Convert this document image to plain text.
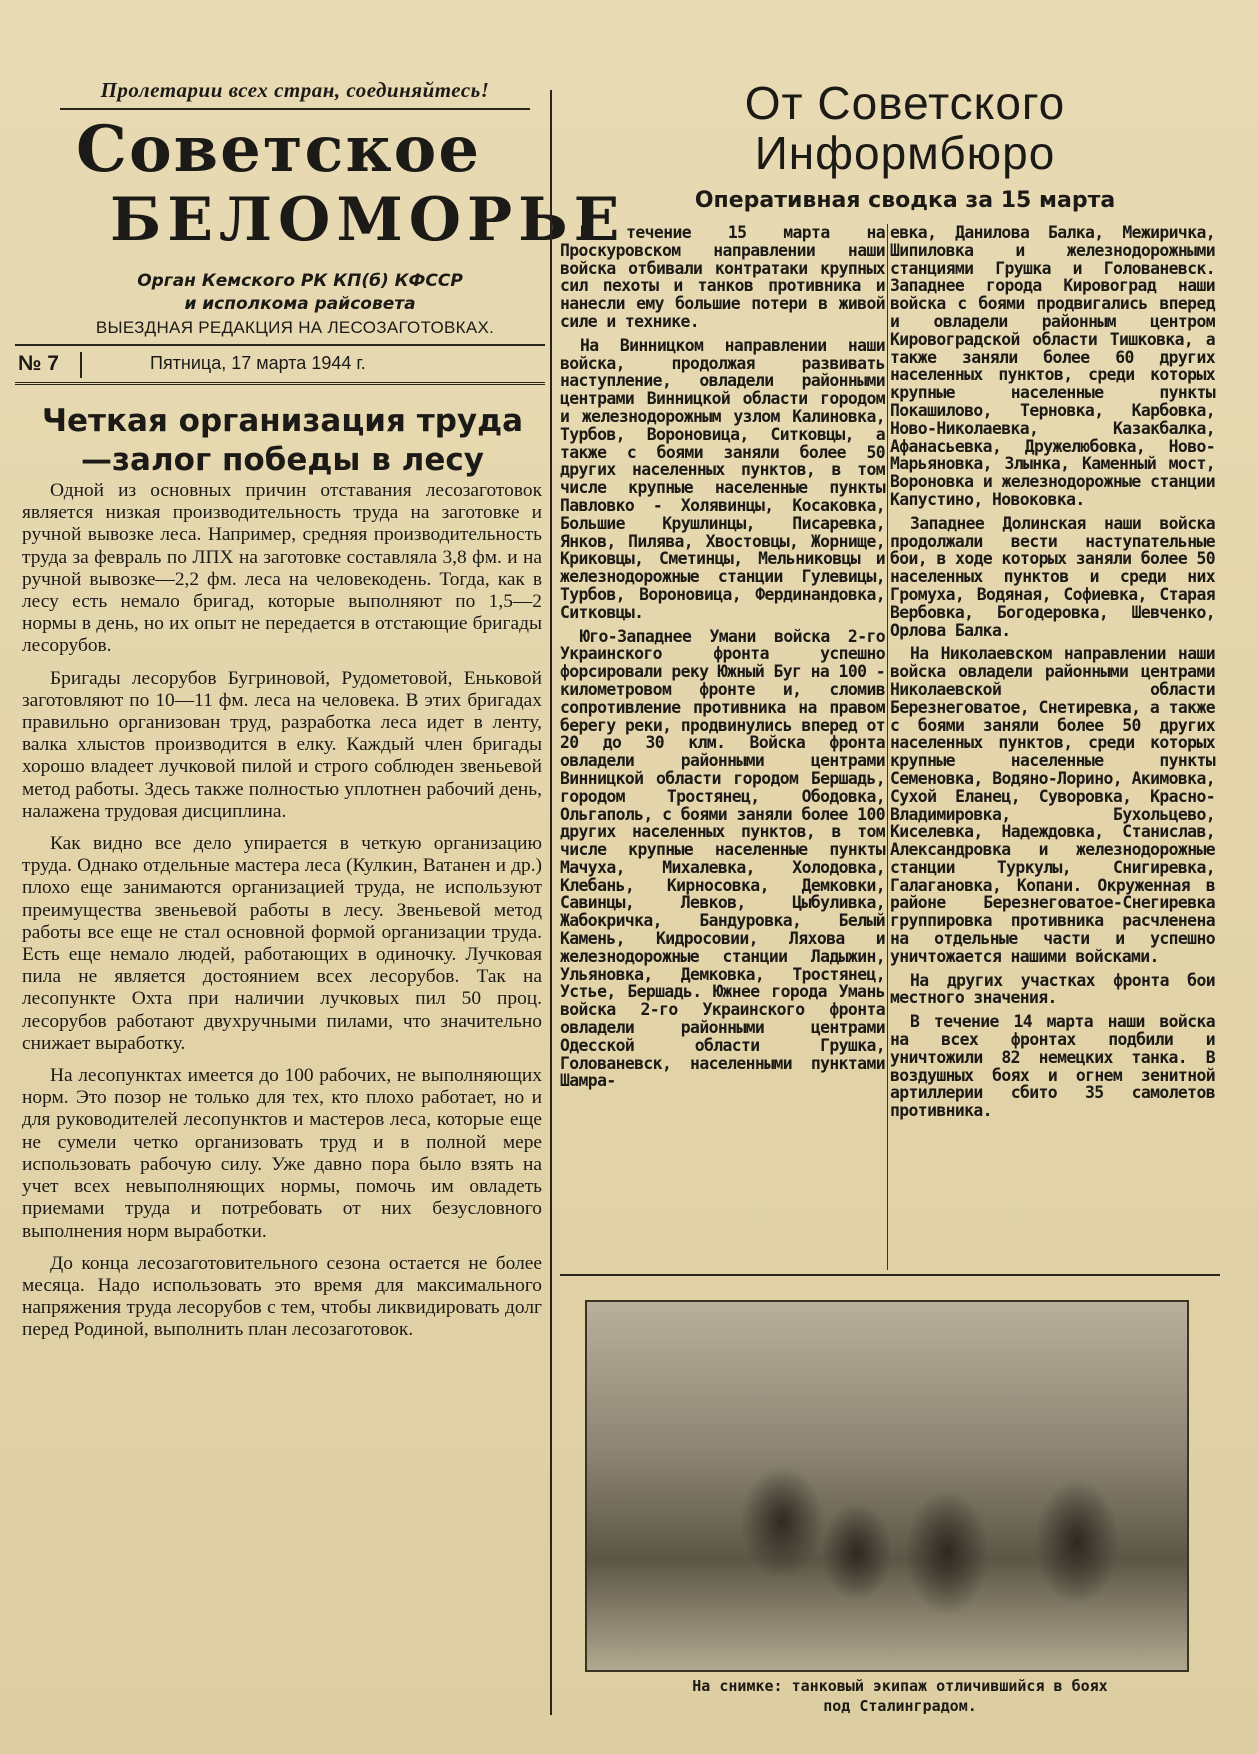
Пролетарии всех стран, соединяйтесь!
Советское
БЕЛОМОРЬЕ
Орган Кемского РК КП(б) КФССР
и исполкома райсовета
ВЫЕЗДНАЯ РЕДАКЦИЯ НА ЛЕСОЗАГОТОВКАХ.
№ 7	Пятница, 17 марта 1944 г.
Четкая организация труда
—залог победы в лесу

Одной из основных причин отставания лесозаготовок является низкая производительность труда на заготовке и ручной вывозке леса. Например, средняя производительность труда за февраль по ЛПХ на заготовке составляла 3,8 фм. и на ручной вывозке—2,2 фм. леса на человекодень. Тогда, как в лесу есть немало бригад, которые выполняют по 1,5—2 нормы в день, но их опыт не передается в отстающие бригады лесорубов.

Бригады лесорубов Бугриновой, Рудометовой, Еньковой заготовляют по 10—11 фм. леса на человека. В этих бригадах правильно организован труд, разработка леса идет в ленту, валка хлыстов производится в елку. Каждый член бригады хорошо владеет лучковой пилой и строго соблюден звеньевой метод работы. Здесь также полностью уплотнен рабочий день, налажена трудовая дисциплина.

Как видно все дело упирается в четкую организацию труда. Однако отдельные мастера леса (Кулкин, Ватанен и др.) плохо еще занимаются организацией труда, не используют преимущества звеньевой работы в лесу. Звеньевой метод работы все еще не стал основной формой организации труда. Есть еще немало людей, работающих в одиночку. Лучковая пила не является достоянием всех лесорубов. Так на лесопункте Охта при наличии лучковых пил 50 проц. лесорубов работают двухручными пилами, что значительно снижает выработку.

На лесопунктах имеется до 100 рабочих, не выполняющих норм. Это позор не только для тех, кто плохо работает, но и для руководителей лесопунктов и мастеров леса, которые еще не сумели четко организовать труд и в полной мере использовать рабочую силу. Уже давно пора было взять на учет всех невыполняющих нормы, помочь им овладеть приемами труда и потребовать от них безусловного выполнения норм выработки.

До конца лесозаготовительного сезона остается не более месяца. Надо использовать это время для максимального напряжения труда лесорубов с тем, чтобы ликвидировать долг перед Родиной, выполнить план лесозаготовок.

От Советского
Информбюро
Оперативная сводка за 15 марта

В течение 15 марта на Проскуровском направлении наши войска отбивали контратаки крупных сил пехоты и танков противника и нанесли ему большие потери в живой силе и технике.

На Винницком направлении наши войска, продолжая развивать наступление, овладели районными центрами Винницкой области городом и железнодорожным узлом Калиновка, Турбов, Вороновица, Ситковцы, а также с боями заняли более 50 других населенных пунктов, в том числе крупные населенные пункты Павловко - Холявинцы, Косаковка, Большие Крушлинцы, Писаревка, Янков, Пилява, Хвостовцы, Жорнище, Криковцы, Сметинцы, Мельниковцы и железнодорожные станции Гулевицы, Турбов, Вороновица, Фердинандовка, Ситковцы.

Юго-Западнее Умани войска 2-го Украинского фронта успешно форсировали реку Южный Буг на 100 - километровом фронте и, сломив сопротивление противника на правом берегу реки, продвинулись вперед от 20 до 30 клм. Войска фронта овладели районными центрами Винницкой области городом Бершадь, городом Тростянец, Ободовка, Ольгаполь, с боями заняли более 100 других населенных пунктов, в том числе крупные населенные пункты Мачуха, Михалевка, Холодовка, Клебань, Кирносовка, Демковки, Савинцы, Левков, Цыбуливка, Жабокричка, Бандуровка, Белый Камень, Кидросовии, Ляхова и железнодорожные станции Ладыжин, Ульяновка, Демковка, Тростянец, Устье, Бершадь. Южнее города Умань войска 2-го Украинского фронта овладели районными центрами Одесской области Грушка, Голованевск, населенными пунктами Шамра-

евка, Данилова Балка, Межиричка, Шипиловка и железнодорожными станциями Грушка и Голованевск. Западнее города Кировоград наши войска с боями продвигались вперед и овладели районным центром Кировоградской области Тишковка, а также заняли более 60 других населенных пунктов, среди которых крупные населенные пункты Покашилово, Терновка, Карбовка, Ново-Николаевка, Казакбалка, Афанасьевка, Дружелюбовка, Ново-Марьяновка, Злынка, Каменный мост, Вороновка и железнодорожные станции Капустино, Новоковка.

Западнее Долинская наши войска продолжали вести наступательные бои, в ходе которых заняли более 50 населенных пунктов и среди них Громуха, Водяная, Софиевка, Старая Вербовка, Богодеровка, Шевченко, Орлова Балка.

На Николаевском направлении наши войска овладели районными центрами Николаевской области Березнеговатое, Снетиревка, а также с боями заняли более 50 других населенных пунктов, среди которых крупные населенные пункты Семеновка, Водяно-Лорино, Акимовка, Сухой Еланец, Суворовка, Красно-Владимировка, Бухольцево, Киселевка, Надеждовка, Станислав, Александровка и железнодорожные станции Туркулы, Снигиревка, Галагановка, Копани. Окруженная в районе Березнеговатое-Снегиревка группировка противника расчленена на отдельные части и успешно уничтожается нашими войсками.

На других участках фронта бои местного значения.

В течение 14 марта наши войска на всех фронтах подбили и уничтожили 82 немецких танка. В воздушных боях и огнем зенитной артиллерии сбито 35 самолетов противника.

На снимке: танковый экипаж отличившийся в боях
под Сталинградом.
